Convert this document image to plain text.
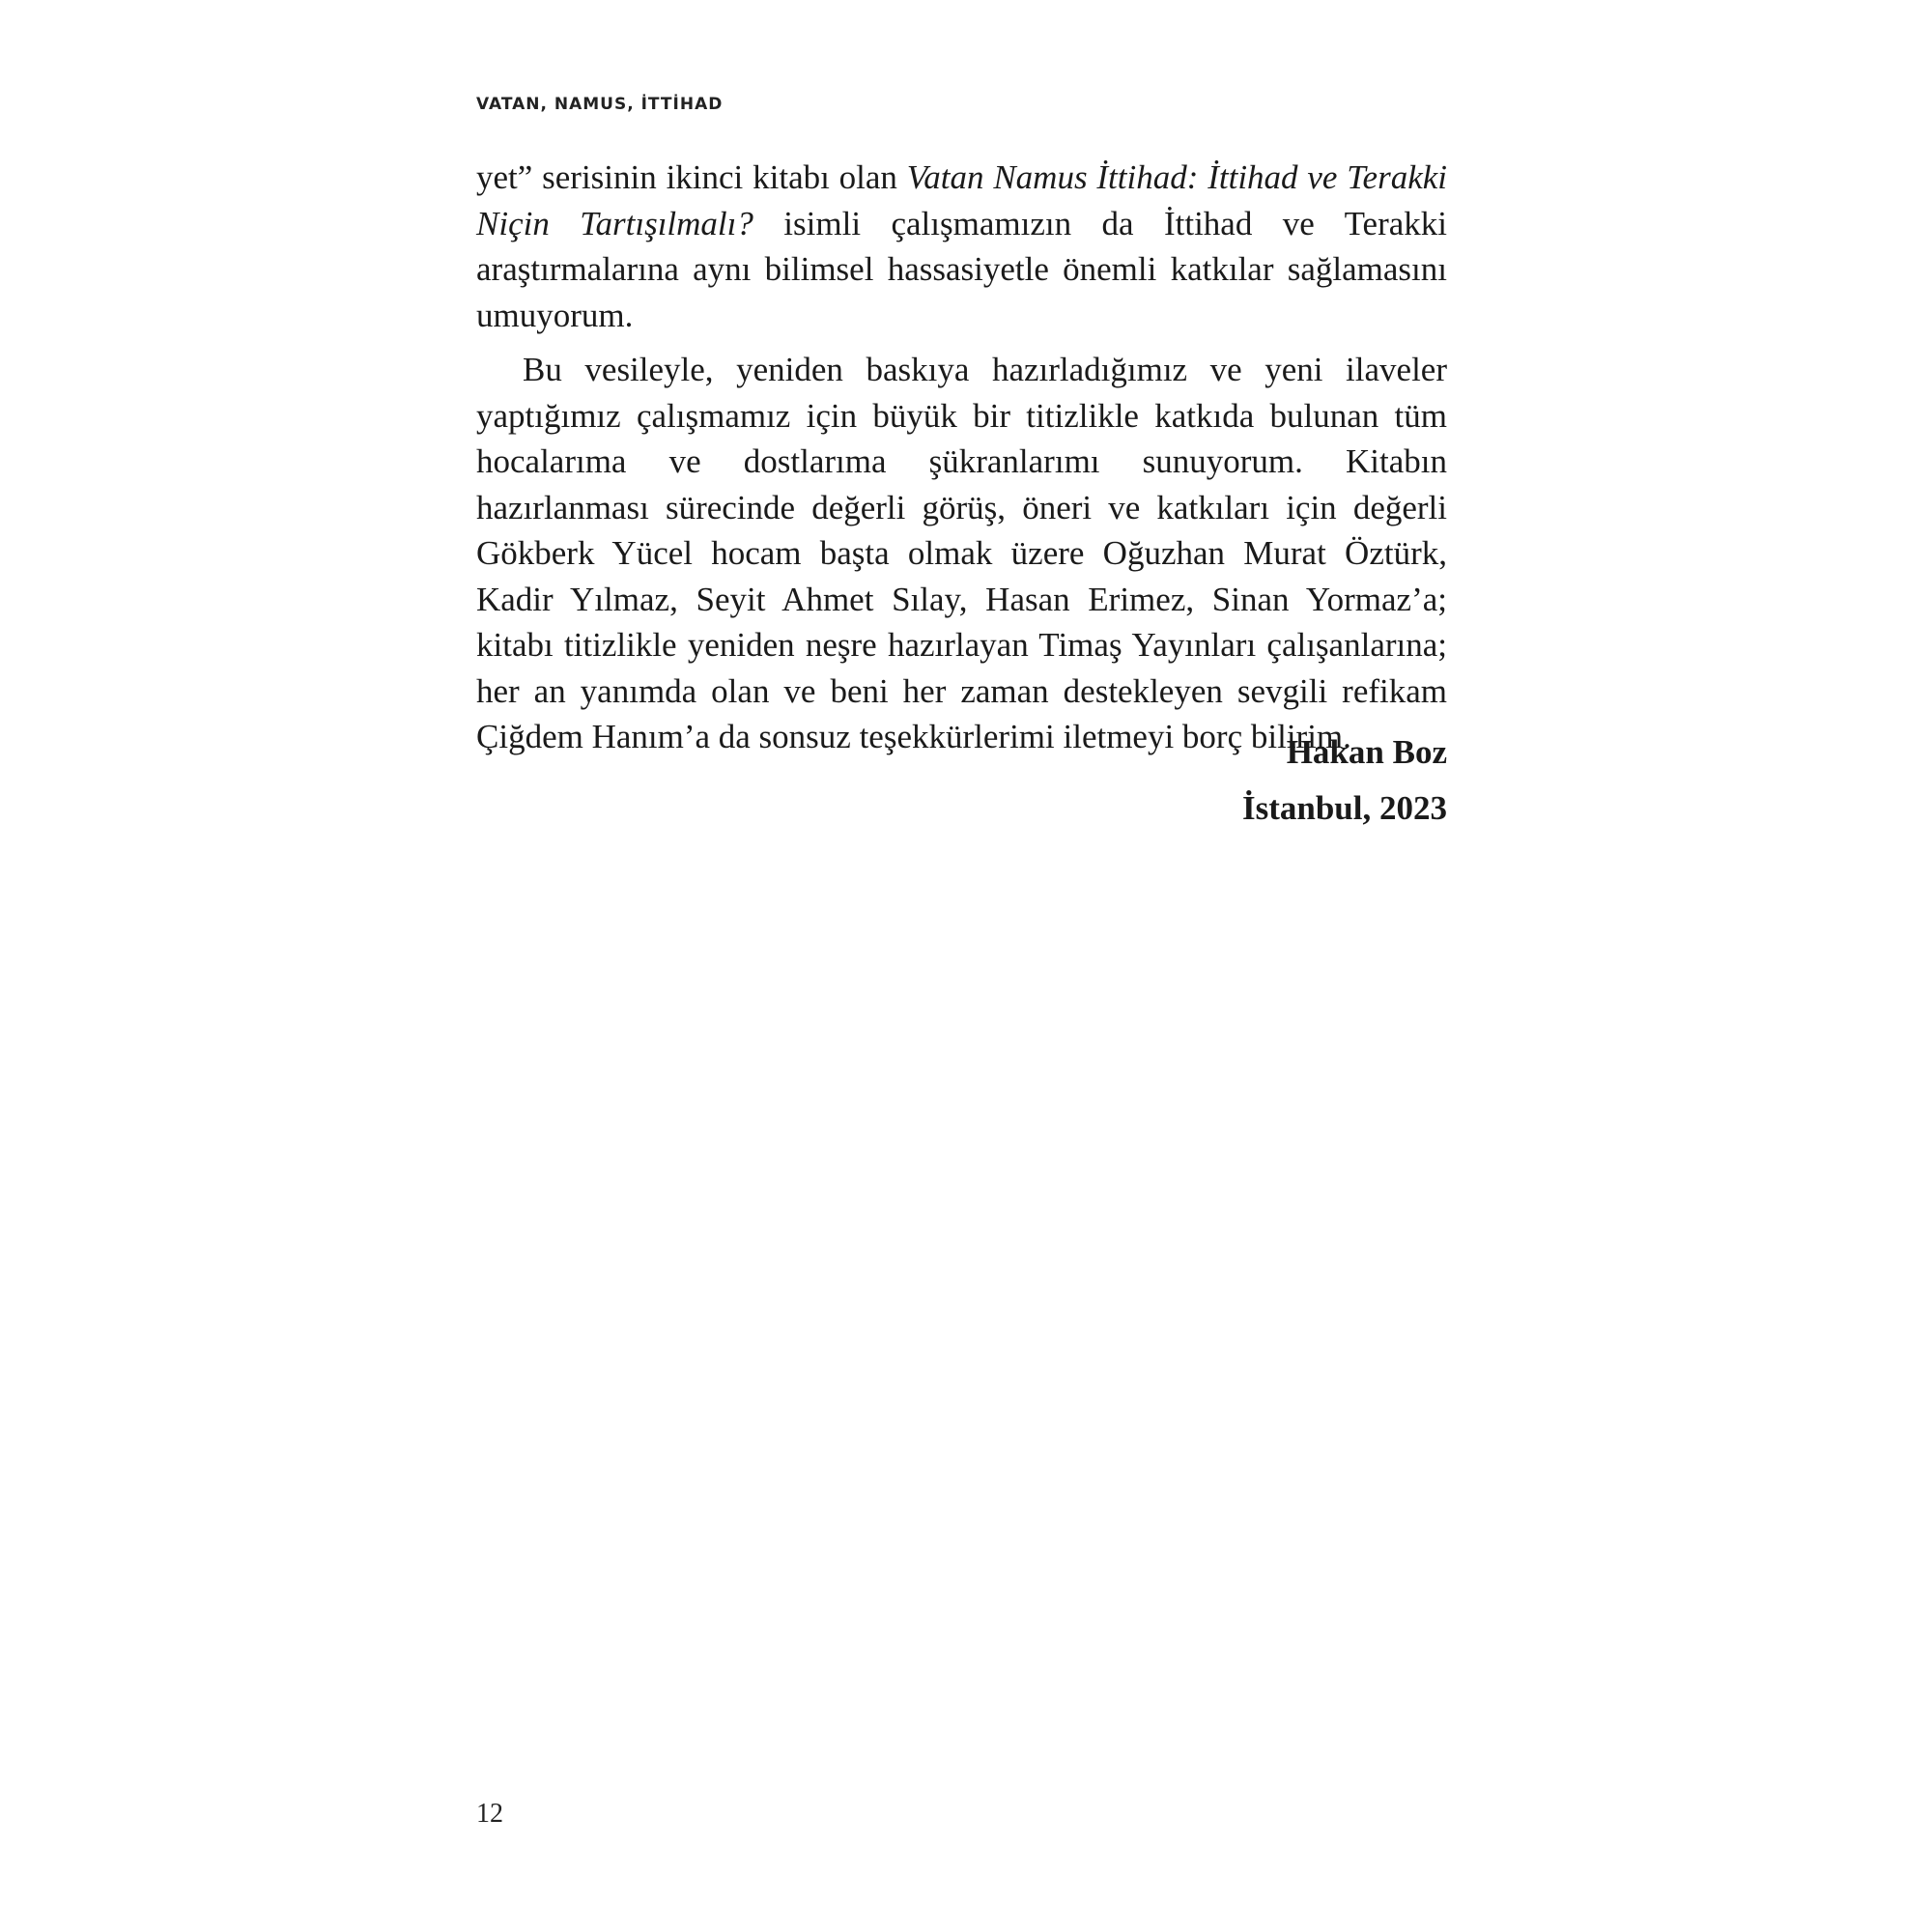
VATAN, NAMUS, İTTİHAD

yet” serisinin ikinci kitabı olan Vatan Namus İttihad: İttihad ve Terakki Niçin Tartışılmalı? isimli çalışmamızın da İttihad ve Terakki araştırmalarına aynı bilimsel hassasiyetle önemli katkılar sağlamasını umuyorum.

Bu vesileyle, yeniden baskıya hazırladığımız ve yeni ilaveler yaptığımız çalışmamız için büyük bir titizlikle katkıda bulunan tüm hocalarıma ve dostlarıma şükranlarımı sunuyorum. Kitabın hazırlanması sürecinde değerli görüş, öneri ve katkıları için değerli Gökberk Yücel hocam başta olmak üzere Oğuzhan Murat Öztürk, Kadir Yılmaz, Seyit Ahmet Sılay, Hasan Erimez, Sinan Yormaz’a; kitabı titizlikle yeniden neşre hazırlayan Timaş Yayınları çalışanlarına; her an yanımda olan ve beni her zaman destekleyen sevgili refikam Çiğdem Hanım’a da sonsuz teşekkürlerimi iletmeyi borç bilirim.

Hakan Boz
İstanbul, 2023
12
